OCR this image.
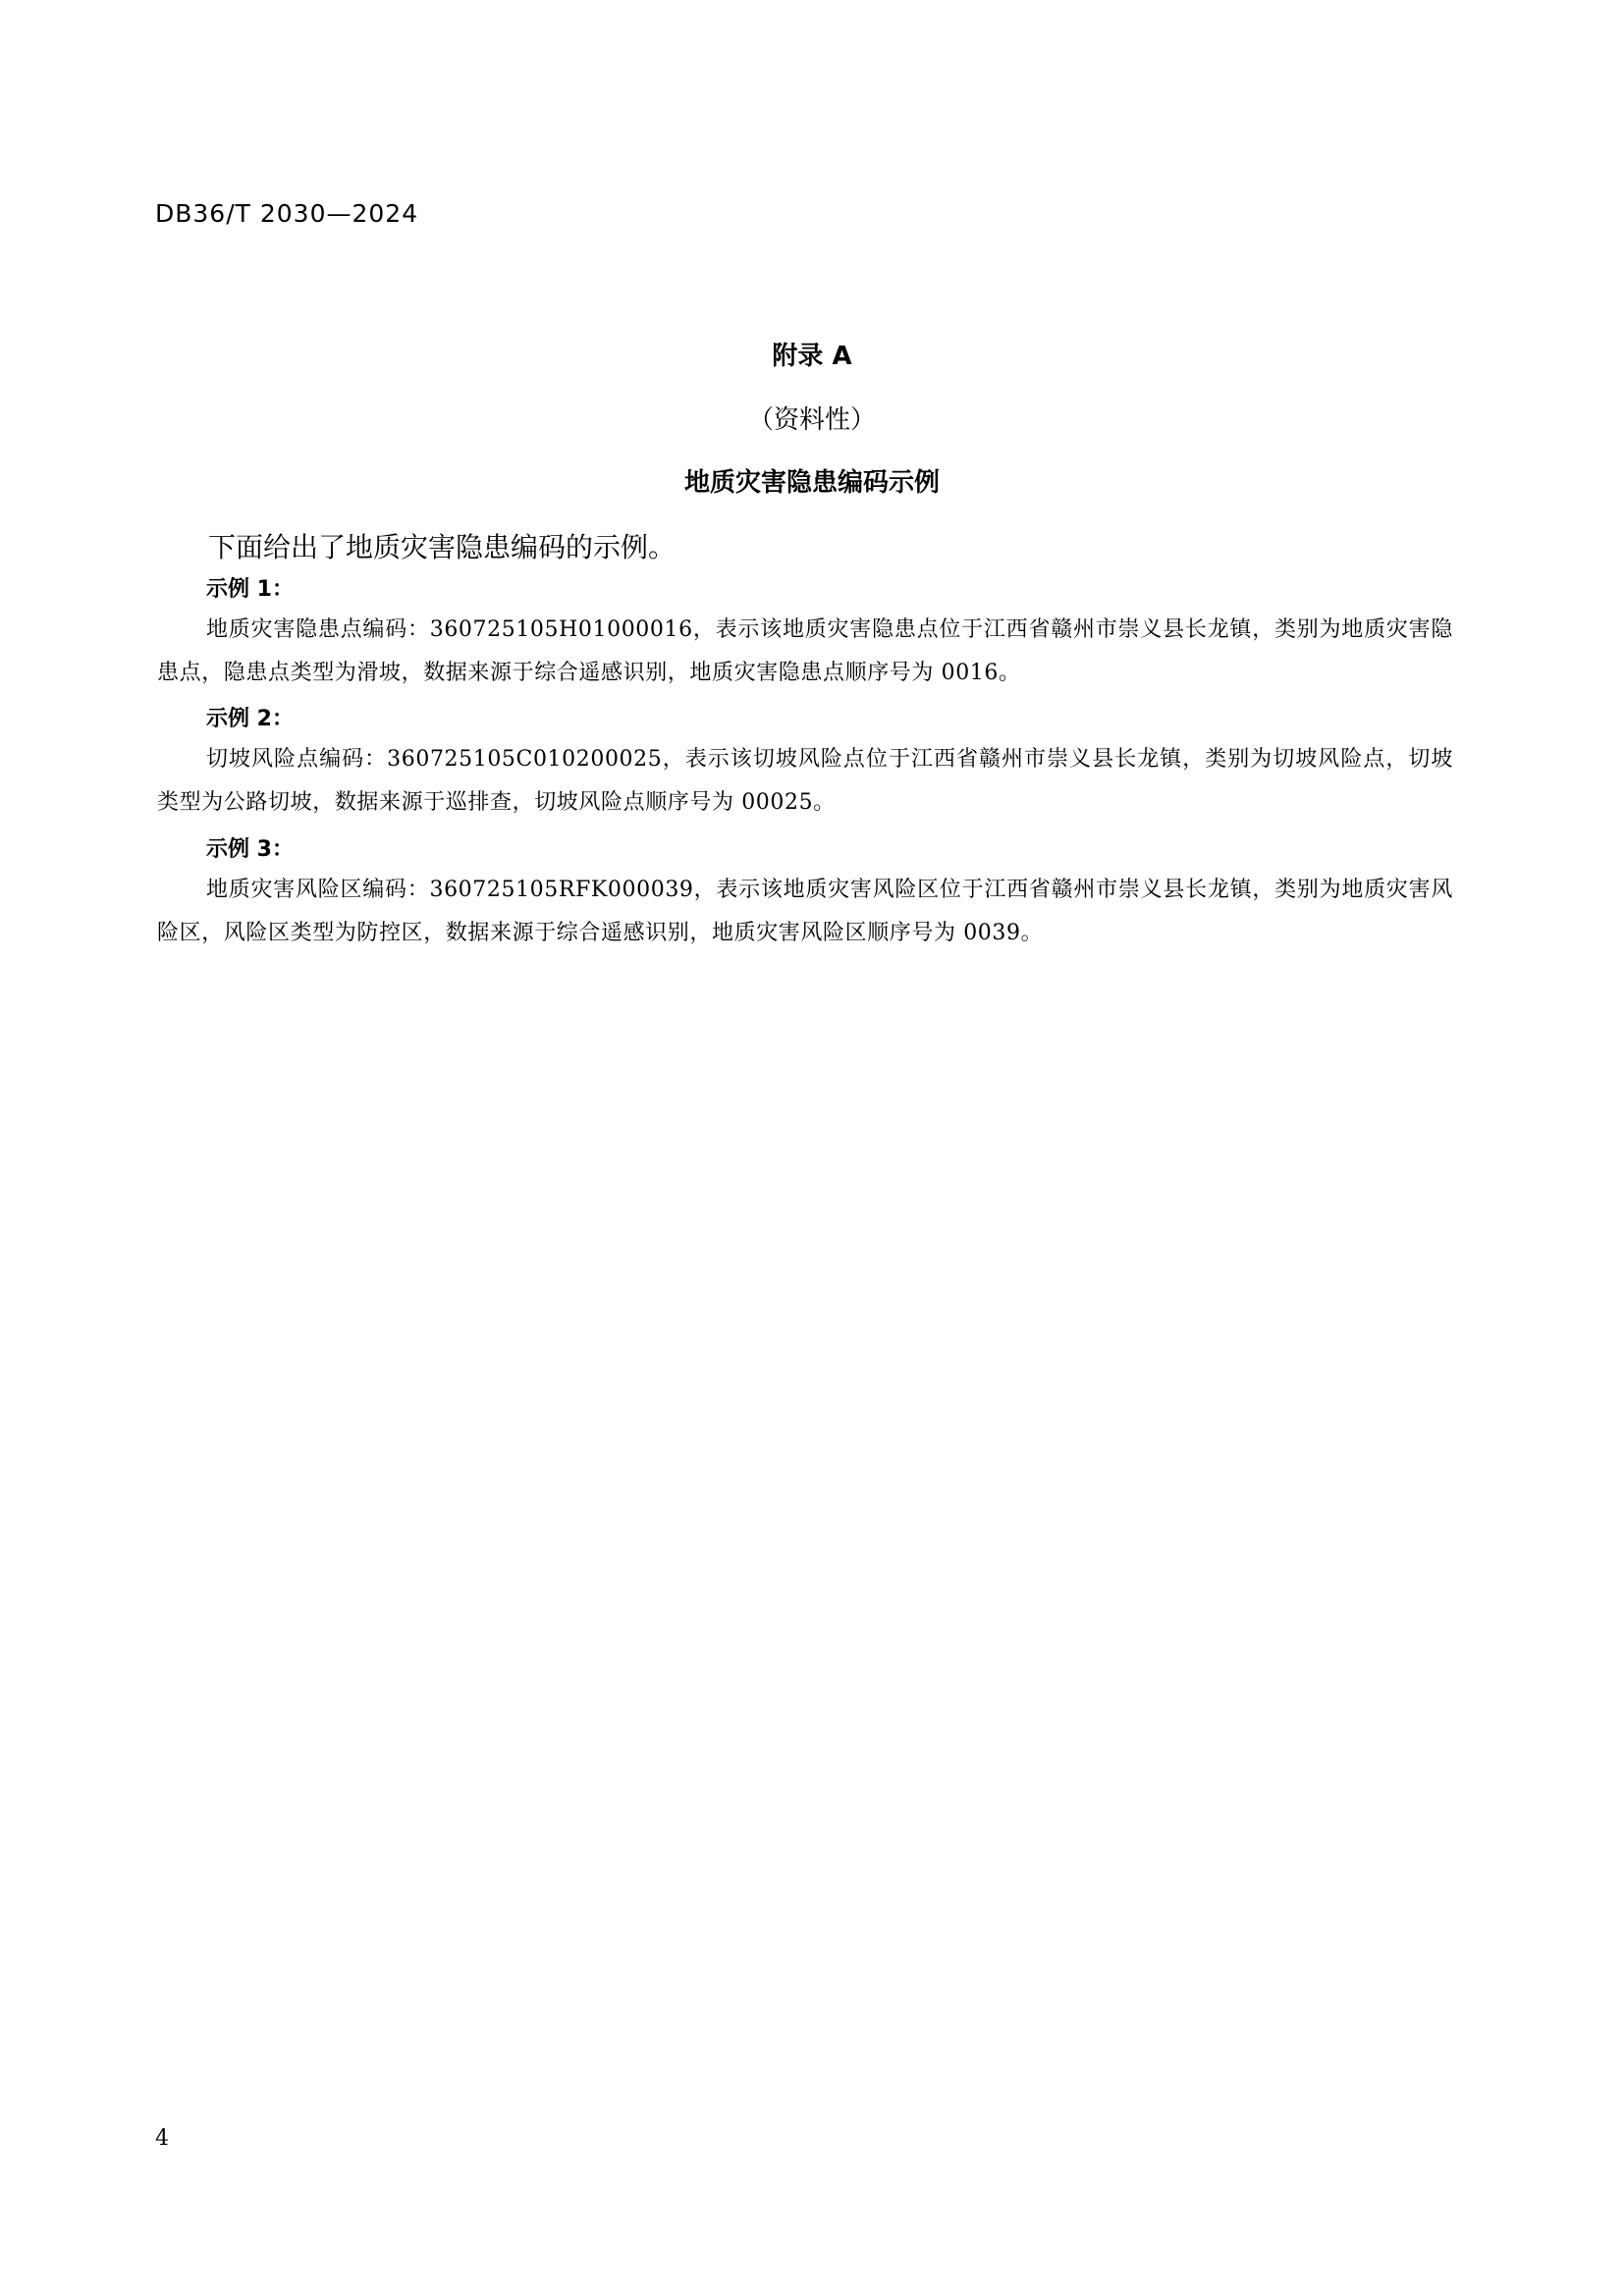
DB36/T 2030—2024
附录 A
（资料性）
地质灾害隐患编码示例
下面给出了地质灾害隐患编码的示例。
示例 1：
地质灾害隐患点编码：360725105H01000016，表示该地质灾害隐患点位于江西省赣州市崇义县长龙镇，类别为地质灾害隐患点，隐患点类型为滑坡，数据来源于综合遥感识别，地质灾害隐患点顺序号为 0016。
示例 2：
切坡风险点编码：360725105C010200025，表示该切坡风险点位于江西省赣州市崇义县长龙镇，类别为切坡风险点，切坡类型为公路切坡，数据来源于巡排查，切坡风险点顺序号为 00025。
示例 3：
地质灾害风险区编码：360725105RFK000039，表示该地质灾害风险区位于江西省赣州市崇义县长龙镇，类别为地质灾害风险区，风险区类型为防控区，数据来源于综合遥感识别，地质灾害风险区顺序号为 0039。
4
